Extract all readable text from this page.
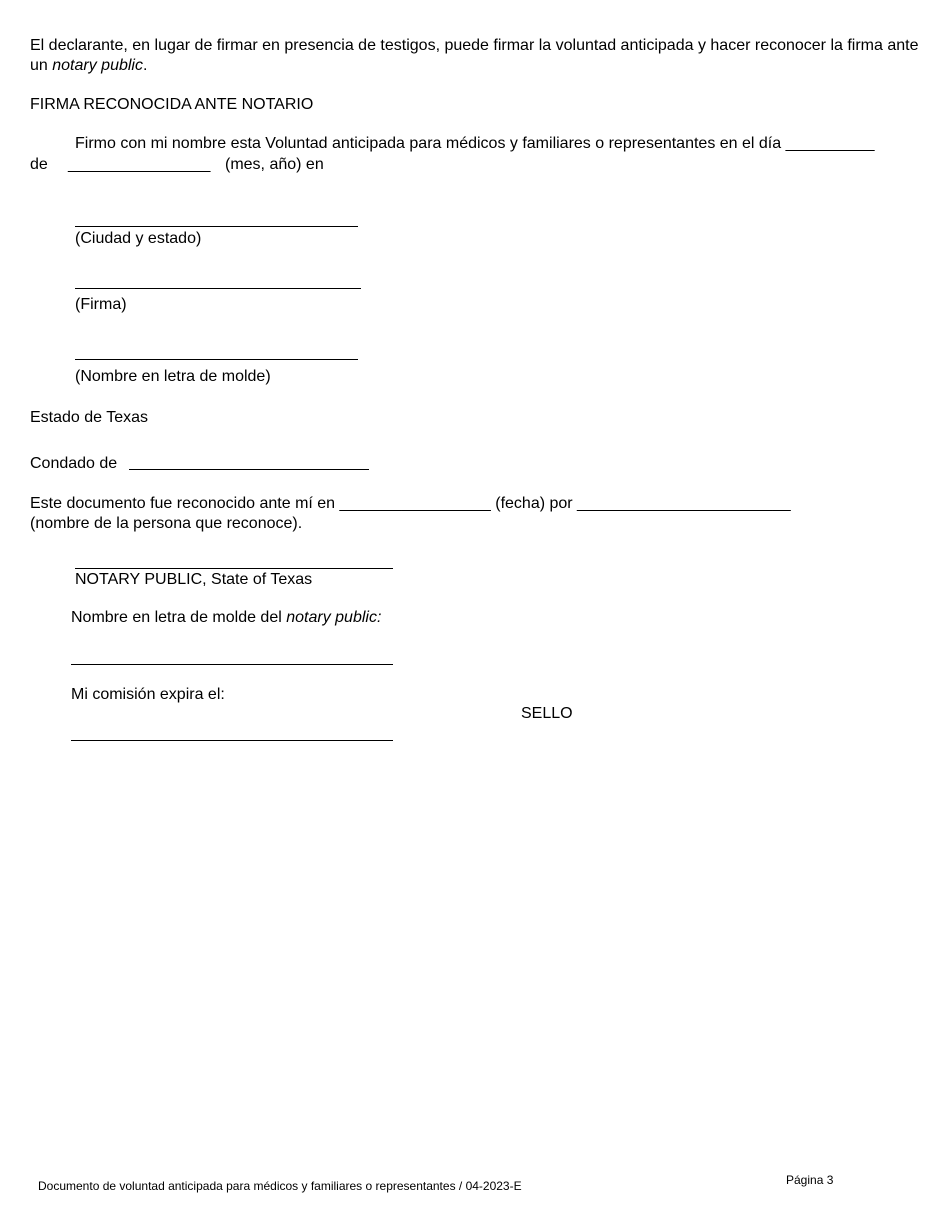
El declarante, en lugar de firmar en presencia de testigos, puede firmar la voluntad anticipada y hacer reconocer la firma ante un notary public.
FIRMA RECONOCIDA ANTE NOTARIO
Firmo con mi nombre esta Voluntad anticipada para médicos y familiares o representantes en el día __________
de ________________ (mes, año) en
(Ciudad y estado)
(Firma)
(Nombre en letra de molde)
Estado de Texas
Condado de
Este documento fue reconocido ante mí en _________________ (fecha) por ________________________
(nombre de la persona que reconoce).
NOTARY PUBLIC, State of Texas
Nombre en letra de molde del notary public:
Mi comisión expira el:
SELLO
Página 3
Documento de voluntad anticipada para médicos y familiares o representantes / 04-2023-E
